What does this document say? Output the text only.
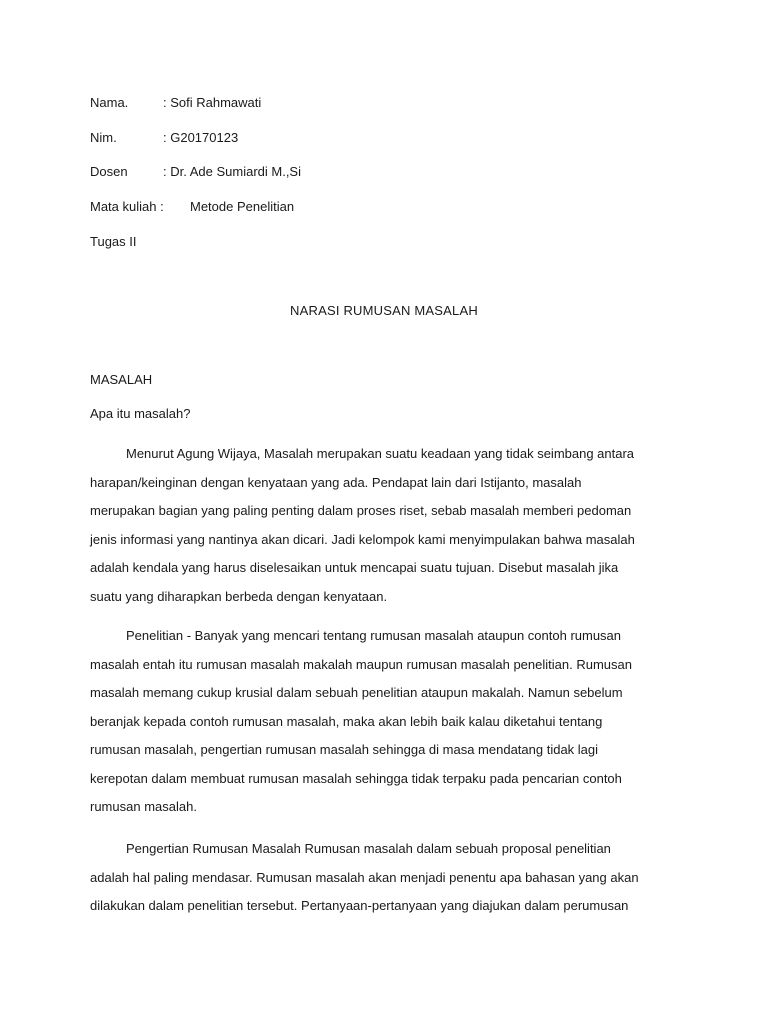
Nama.	: Sofi Rahmawati
Nim.	: G20170123
Dosen	: Dr. Ade Sumiardi M.,Si
Mata kuliah : Metode Penelitian
Tugas II
NARASI RUMUSAN MASALAH
MASALAH
Apa itu masalah?
Menurut Agung Wijaya, Masalah merupakan suatu keadaan yang tidak seimbang antara
harapan/keinginan dengan kenyataan yang ada. Pendapat lain dari Istijanto, masalah
merupakan bagian yang paling penting dalam proses riset, sebab masalah memberi pedoman
jenis informasi yang nantinya akan dicari. Jadi kelompok kami menyimpulakan bahwa masalah
adalah kendala yang harus diselesaikan untuk mencapai suatu tujuan. Disebut masalah jika
suatu yang diharapkan berbeda dengan kenyataan.
Penelitian - Banyak yang mencari tentang rumusan masalah ataupun contoh rumusan
masalah entah itu rumusan masalah makalah maupun rumusan masalah penelitian. Rumusan
masalah memang cukup krusial dalam sebuah penelitian ataupun makalah. Namun sebelum
beranjak kepada contoh rumusan masalah, maka akan lebih baik kalau diketahui tentang
rumusan masalah, pengertian rumusan masalah sehingga di masa mendatang tidak lagi
kerepotan dalam membuat rumusan masalah sehingga tidak terpaku pada pencarian contoh
rumusan masalah.
Pengertian Rumusan Masalah Rumusan masalah dalam sebuah proposal penelitian
adalah hal paling mendasar. Rumusan masalah akan menjadi penentu apa bahasan yang akan
dilakukan dalam penelitian tersebut. Pertanyaan-pertanyaan yang diajukan dalam perumusan
